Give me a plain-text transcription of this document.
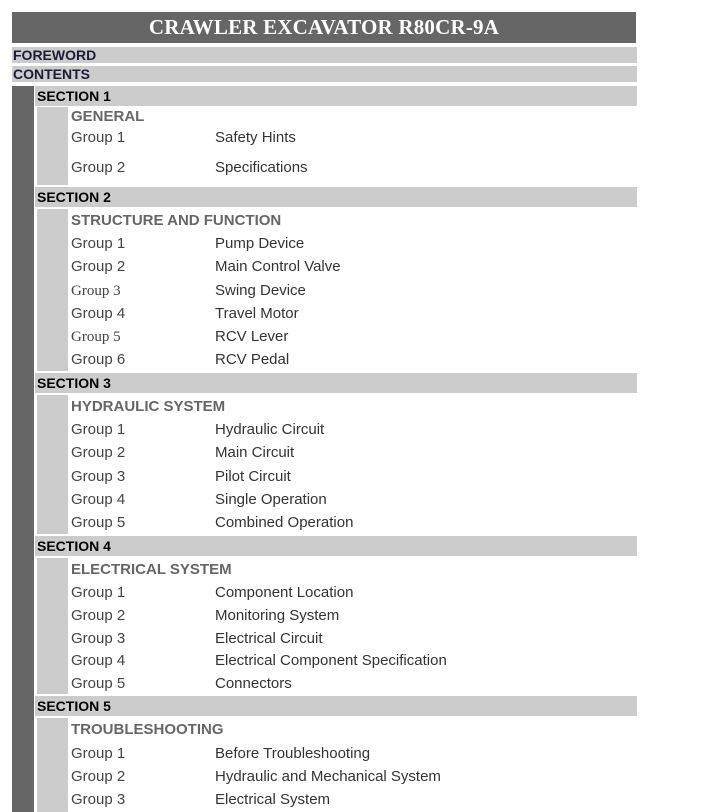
CRAWLER EXCAVATOR R80CR-9A
FOREWORD
CONTENTS
SECTION 1
GENERAL
Group 1	Safety Hints
Group 2	Specifications
SECTION 2
STRUCTURE AND FUNCTION
Group 1	Pump Device
Group 2	Main Control Valve
Group 3	Swing Device
Group 4	Travel Motor
Group 5	RCV Lever
Group 6	RCV Pedal
SECTION 3
HYDRAULIC SYSTEM
Group 1	Hydraulic Circuit
Group 2	Main Circuit
Group 3	Pilot Circuit
Group 4	Single Operation
Group 5	Combined Operation
SECTION 4
ELECTRICAL SYSTEM
Group 1	Component Location
Group 2	Monitoring System
Group 3	Electrical Circuit
Group 4	Electrical Component Specification
Group 5	Connectors
SECTION 5
TROUBLESHOOTING
Group 1	Before Troubleshooting
Group 2	Hydraulic and Mechanical System
Group 3	Electrical System
